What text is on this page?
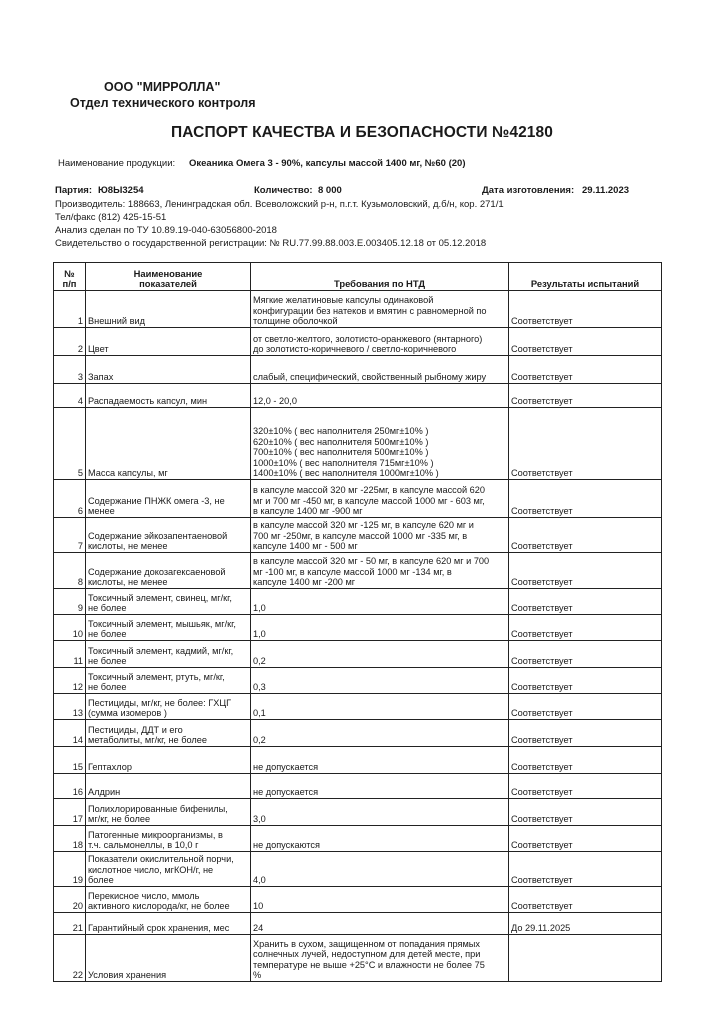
ООО "МИРРОЛЛА"
Отдел технического контроля
ПАСПОРТ КАЧЕСТВА И БЕЗОПАСНОСТИ №42180
Наименование продукции: Океаника Омега 3 - 90%, капсулы массой 1400 мг, №60 (20)
Партия: Ю8Ы3254	Количество: 8 000	Дата изготовления: 29.11.2023
Производитель: 188663, Ленинградская обл. Всеволожский р-н, п.г.т. Кузьмоловский, д.б/н, кор. 271/1
Тел/факс (812) 425-15-51
Анализ сделан по ТУ 10.89.19-040-63056800-2018
Свидетельство о государственной регистрации: № RU.77.99.88.003.Е.003405.12.18 от 05.12.2018
№
п/п	Наименование
показателей	Требования по НТД	Результаты испытаний
1	Внешний вид	Мягкие желатиновые капсулы одинаковой
конфигурации без натеков и вмятин с равномерной по
толщине оболочкой	Соответствует
2	Цвет	от светло-желтого, золотисто-оранжевого (янтарного)
до золотисто-коричневого / светло-коричневого	Соответствует
3	Запах	слабый, специфический, свойственный рыбному жиру	Соответствует
4	Распадаемость капсул, мин	12,0 - 20,0	Соответствует
5	Масса капсулы, мг	320±10% ( вес наполнителя 250мг±10% )
620±10% ( вес наполнителя 500мг±10% )
700±10% ( вес наполнителя 500мг±10% )
1000±10% ( вес наполнителя 715мг±10% )
1400±10% ( вес наполнителя 1000мг±10% )	Соответствует
6	Содержание ПНЖК омега -3, не
менее	в капсуле массой 320 мг -225мг, в капсуле массой 620
мг и 700 мг -450 мг, в капсуле массой 1000 мг - 603 мг,
в капсуле 1400 мг -900 мг	Соответствует
7	Содержание эйкозапентаеновой
кислоты, не менее	в капсуле массой 320 мг -125 мг, в капсуле 620 мг и
700 мг -250мг, в капсуле массой 1000 мг -335 мг, в
капсуле 1400 мг - 500 мг	Соответствует
8	Содержание докозагексаеновой
кислоты, не менее	в капсуле масcой 320 мг - 50 мг, в капсуле 620 мг и 700
мг -100 мг, в капсуле массой 1000 мг -134 мг, в
капсуле 1400 мг -200 мг	Соответствует
9	Токсичный элемент, свинец, мг/кг,
не более	1,0	Соответствует
10	Токсичный элемент, мышьяк, мг/кг,
не более	1,0	Соответствует
11	Токсичный элемент, кадмий, мг/кг,
не более	0,2	Соответствует
12	Токсичный элемент, ртуть, мг/кг,
не более	0,3	Соответствует
13	Пестициды, мг/кг, не более: ГХЦГ
(сумма изомеров )	0,1	Соответствует
14	Пестициды, ДДТ и его
метаболиты, мг/кг, не более	0,2	Соответствует
15	Гептахлор	не допускается	Соответствует
16	Алдрин	не допускается	Соответствует
17	Полихлорированные бифенилы,
мг/кг, не более	3,0	Соответствует
18	Патогенные микроорганизмы, в
т.ч. сальмонеллы, в 10,0 г	не допускаются	Соответствует
19	Показатели окислительной порчи,
кислотное число, мгКОН/г, не
более	4,0	Соответствует
20	Перекисное число, ммоль
активного кислорода/кг, не более	10	Соответствует
21	Гарантийный срок хранения, мес	24	До 29.11.2025
22	Условия хранения	Хранить в сухом, защищенном от попадания прямых
солнечных лучей, недоступном для детей месте, при
температуре не выше +25°С и влажности не более 75
%	
